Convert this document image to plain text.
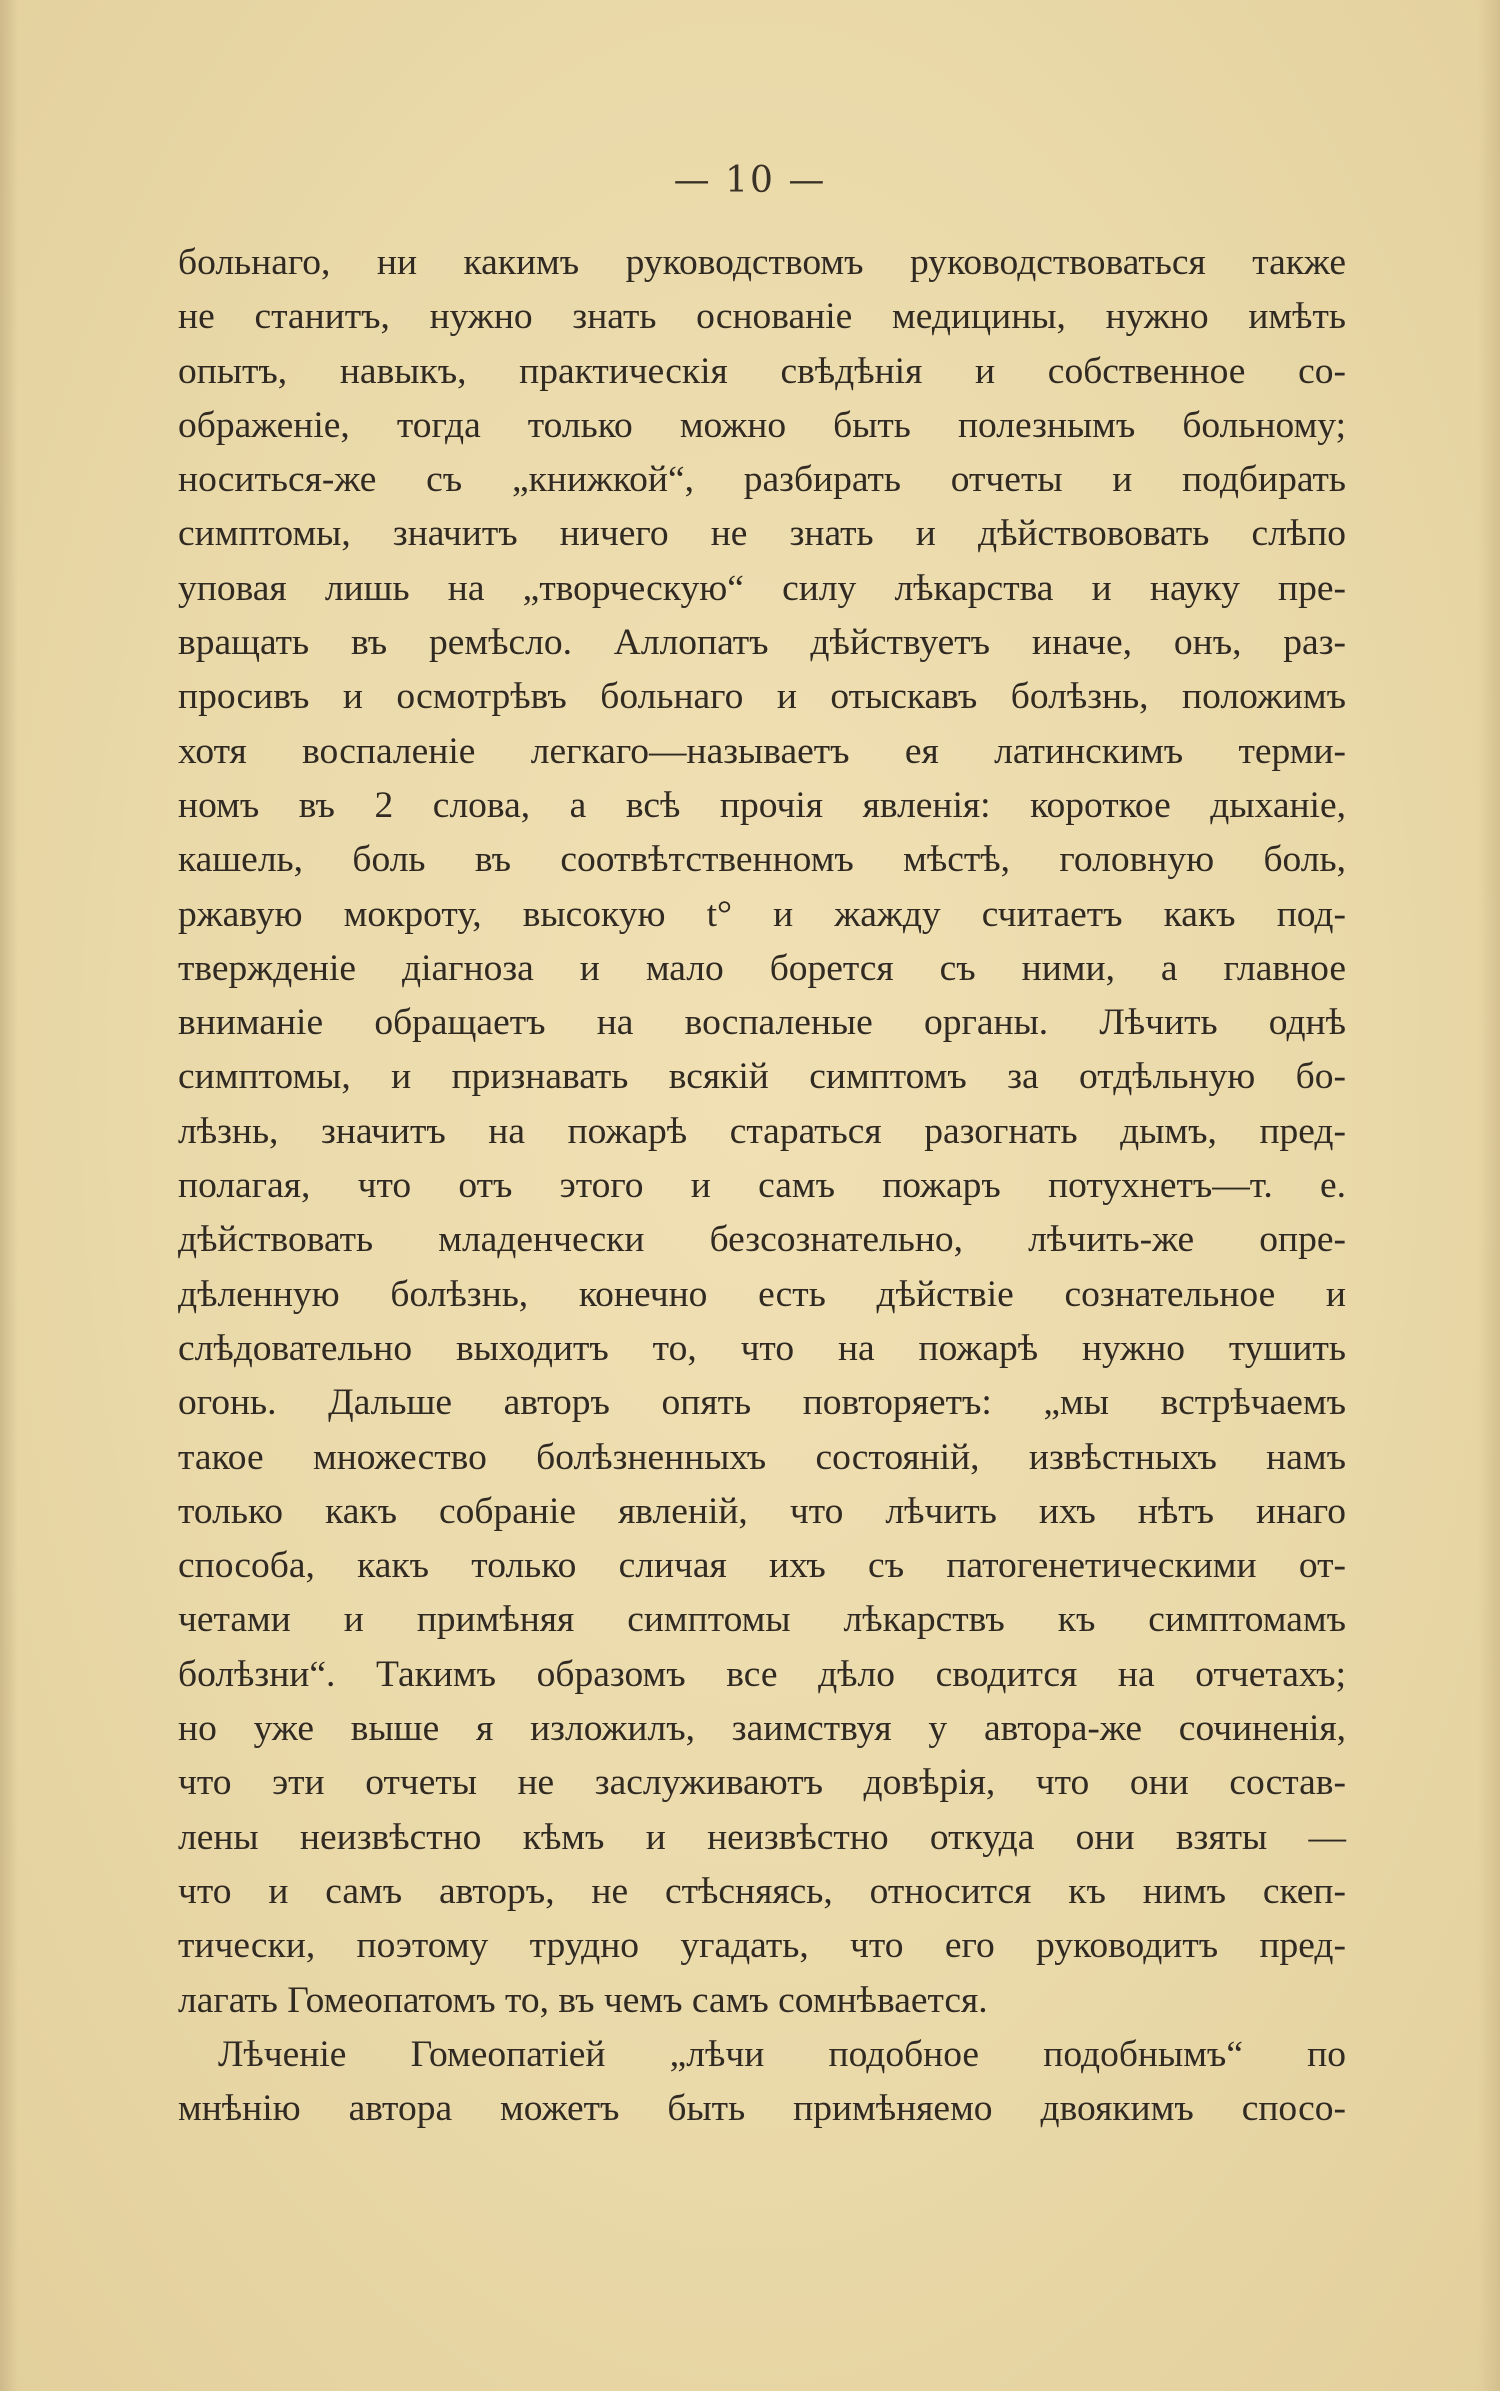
— 10 —
больнаго, ни какимъ руководствомъ руководствоваться также
не станитъ, нужно знать основаніе медицины, нужно имѣть
опытъ, навыкъ, практическія свѣдѣнія и собственное со-
ображеніе, тогда только можно быть полезнымъ больному;
носиться-же съ „книжкой“, разбирать отчеты и подбирать
симптомы, значитъ ничего не знать и дѣйствововать слѣпо
уповая лишь на „творческую“ силу лѣкарства и науку пре-
вращать въ ремѣсло. Аллопатъ дѣйствуетъ иначе, онъ, раз-
просивъ и осмотрѣвъ больнаго и отыскавъ болѣзнь, положимъ
хотя воспаленіе легкаго—называетъ ея латинскимъ терми-
номъ въ 2 слова, а всѣ прочія явленія: короткое дыханіе,
кашель, боль въ соотвѣтственномъ мѣстѣ, головную боль,
ржавую мокроту, высокую t° и жажду считаетъ какъ под-
твержденіе діагноза и мало борется съ ними, а главное
вниманіе обращаетъ на воспаленые органы. Лѣчить однѣ
симптомы, и признавать всякій симптомъ за отдѣльную бо-
лѣзнь, значитъ на пожарѣ стараться разогнать дымъ, пред-
полагая, что отъ этого и самъ пожаръ потухнетъ—т. е.
дѣйствовать младенчески безсознательно, лѣчить-же опре-
дѣленную болѣзнь, конечно есть дѣйствіе сознательное и
слѣдовательно выходитъ то, что на пожарѣ нужно тушить
огонь. Дальше авторъ опять повторяетъ: „мы встрѣчаемъ
такое множество болѣзненныхъ состояній, извѣстныхъ намъ
только какъ собраніе явленій, что лѣчить ихъ нѣтъ инаго
способа, какъ только сличая ихъ съ патогенетическими от-
четами и примѣняя симптомы лѣкарствъ къ симптомамъ
болѣзни“. Такимъ образомъ все дѣло сводится на отчетахъ;
но уже выше я изложилъ, заимствуя у автора-же сочиненія,
что эти отчеты не заслуживаютъ довѣрія, что они состав-
лены неизвѣстно кѣмъ и неизвѣстно откуда они взяты —
что и самъ авторъ, не стѣсняясь, относится къ нимъ скеп-
тически, поэтому трудно угадать, что его руководитъ пред-
лагать Гомеопатомъ то, въ чемъ самъ сомнѣвается.
Лѣченіе Гомеопатіей „лѣчи подобное подобнымъ“ по
мнѣнію автора можетъ быть примѣняемо двоякимъ спосо-
